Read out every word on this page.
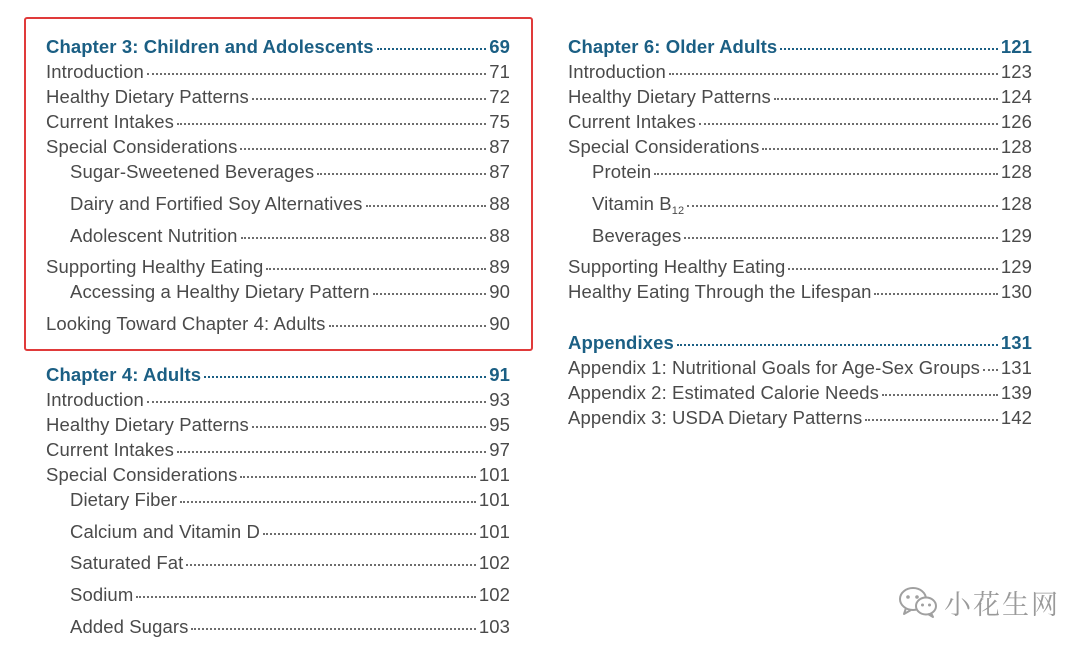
Chapter 3: Children and Adolescents	69
Introduction	71
Healthy Dietary Patterns	72
Current Intakes	75
Special Considerations	87
Sugar-Sweetened Beverages	87
Dairy and Fortified Soy Alternatives	88
Adolescent Nutrition	88
Supporting Healthy Eating	89
Accessing a Healthy Dietary Pattern	90
Looking Toward Chapter 4: Adults	90
Chapter 4: Adults	91
Introduction	93
Healthy Dietary Patterns	95
Current Intakes	97
Special Considerations	101
Dietary Fiber	101
Calcium and Vitamin D	101
Saturated Fat	102
Sodium	102
Added Sugars	103
Chapter 6: Older Adults	121
Introduction	123
Healthy Dietary Patterns	124
Current Intakes	126
Special Considerations	128
Protein	128
Vitamin $B_{12}$	128
Beverages	129
Supporting Healthy Eating	129
Healthy Eating Through the Lifespan	130
Appendixes	131
Appendix 1: Nutritional Goals for Age-Sex Groups 131
Appendix 2: Estimated Calorie Needs	139
Appendix 3: USDA Dietary Patterns	142
小花生网
